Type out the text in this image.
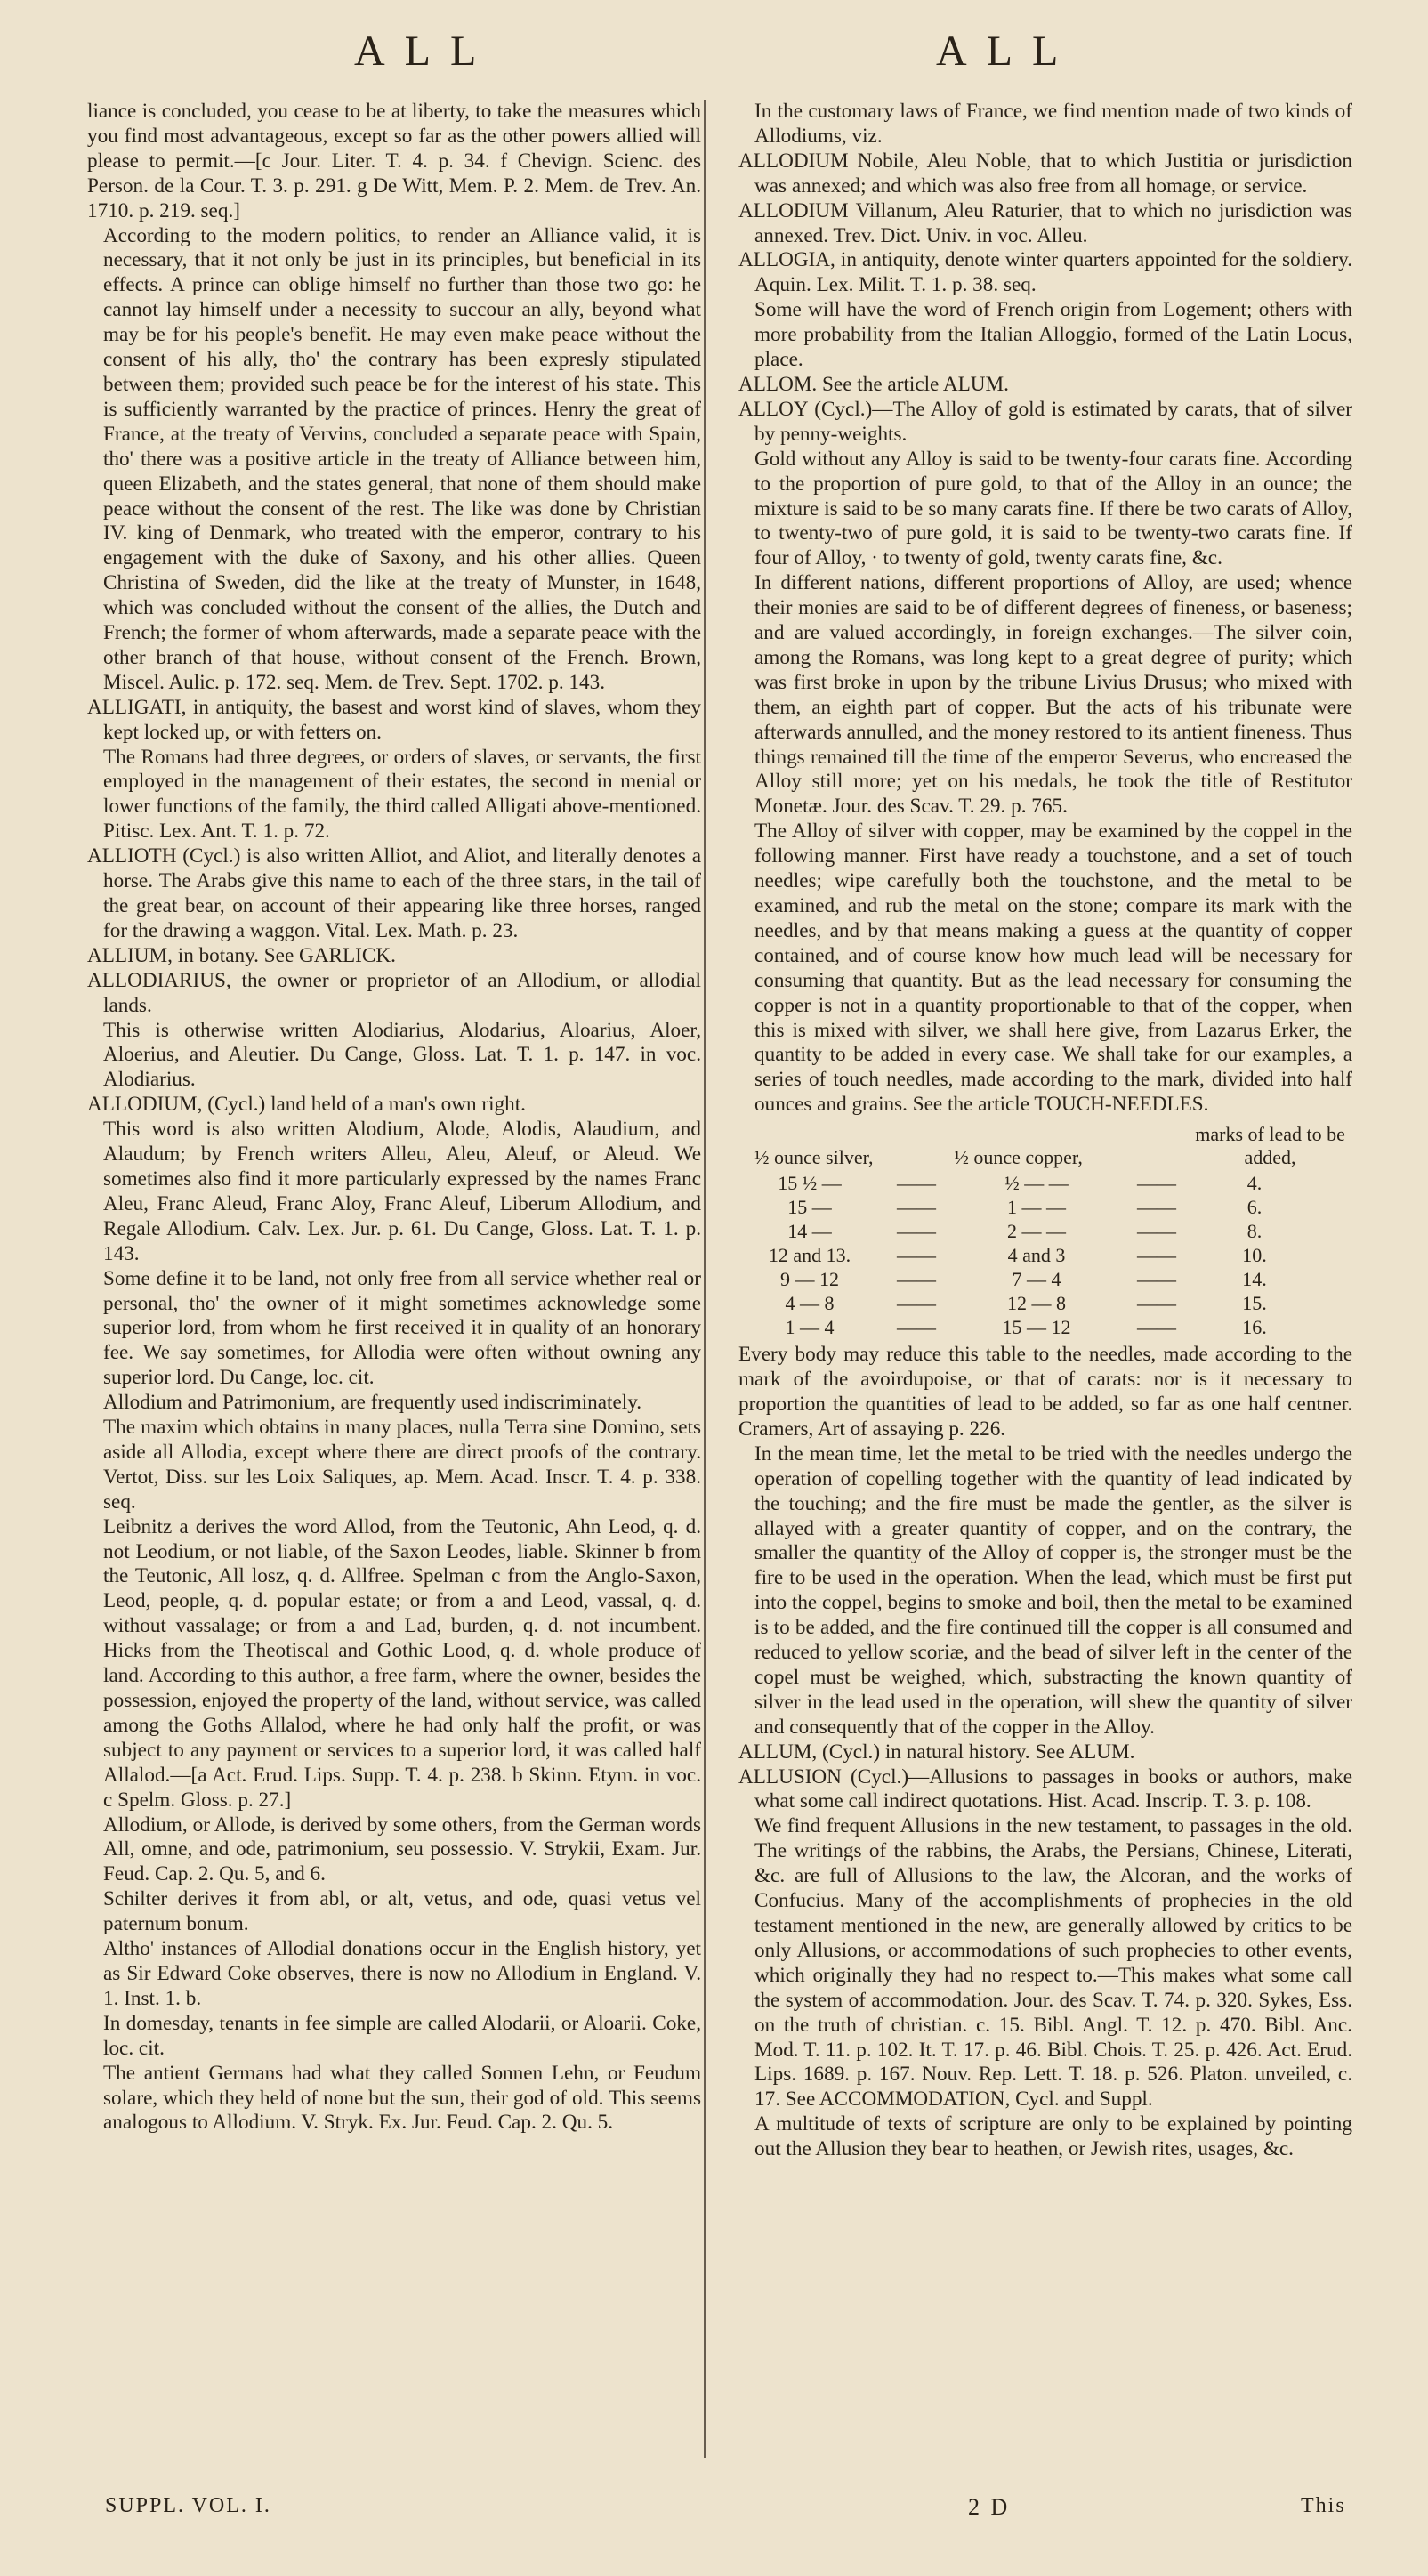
ALL	ALL

liance is concluded, you cease to be at liberty, to take the measures which you find most advantageous, except so far as the other powers allied will please to permit.—[c Jour. Liter. T. 4. p. 34. f Chevign. Scienc. des Person. de la Cour. T. 3. p. 291. g De Witt, Mem. P. 2. Mem. de Trev. An. 1710. p. 219. seq.]

According to the modern politics, to render an Alliance valid, it is necessary, that it not only be just in its principles, but beneficial in its effects. A prince can oblige himself no further than those two go: he cannot lay himself under a necessity to succour an ally, beyond what may be for his people's benefit. He may even make peace without the consent of his ally, tho' the contrary has been expresly stipulated between them; provided such peace be for the interest of his state. This is sufficiently warranted by the practice of princes. Henry the great of France, at the treaty of Vervins, concluded a separate peace with Spain, tho' there was a positive article in the treaty of Alliance between him, queen Elizabeth, and the states general, that none of them should make peace without the consent of the rest. The like was done by Christian IV. king of Denmark, who treated with the emperor, contrary to his engagement with the duke of Saxony, and his other allies. Queen Christina of Sweden, did the like at the treaty of Munster, in 1648, which was concluded without the consent of the allies, the Dutch and French; the former of whom afterwards, made a separate peace with the other branch of that house, without consent of the French. Brown, Miscel. Aulic. p. 172. seq. Mem. de Trev. Sept. 1702. p. 143.

ALLIGATI, in antiquity, the basest and worst kind of slaves, whom they kept locked up, or with fetters on.

The Romans had three degrees, or orders of slaves, or servants, the first employed in the management of their estates, the second in menial or lower functions of the family, the third called Alligati above-mentioned. Pitisc. Lex. Ant. T. 1. p. 72.

ALLIOTH (Cycl.) is also written Alliot, and Aliot, and literally denotes a horse. The Arabs give this name to each of the three stars, in the tail of the great bear, on account of their appearing like three horses, ranged for the drawing a waggon. Vital. Lex. Math. p. 23.

ALLIUM, in botany. See GARLICK.

ALLODIARIUS, the owner or proprietor of an Allodium, or allodial lands.

This is otherwise written Alodiarius, Alodarius, Aloarius, Aloer, Aloerius, and Aleutier. Du Cange, Gloss. Lat. T. 1. p. 147. in voc. Alodiarius.

ALLODIUM, (Cycl.) land held of a man's own right.

This word is also written Alodium, Alode, Alodis, Alaudium, and Alaudum; by French writers Alleu, Aleu, Aleuf, or Aleud. We sometimes also find it more particularly expressed by the names Franc Aleu, Franc Aleud, Franc Aloy, Franc Aleuf, Liberum Allodium, and Regale Allodium. Calv. Lex. Jur. p. 61. Du Cange, Gloss. Lat. T. 1. p. 143.

Some define it to be land, not only free from all service whether real or personal, tho' the owner of it might sometimes acknowledge some superior lord, from whom he first received it in quality of an honorary fee. We say sometimes, for Allodia were often without owning any superior lord. Du Cange, loc. cit.

Allodium and Patrimonium, are frequently used indiscriminately.

The maxim which obtains in many places, nulla Terra sine Domino, sets aside all Allodia, except where there are direct proofs of the contrary. Vertot, Diss. sur les Loix Saliques, ap. Mem. Acad. Inscr. T. 4. p. 338. seq.

Leibnitz a derives the word Allod, from the Teutonic, Ahn Leod, q. d. not Leodium, or not liable, of the Saxon Leodes, liable. Skinner b from the Teutonic, All losz, q. d. Allfree. Spelman c from the Anglo-Saxon, Leod, people, q. d. popular estate; or from a and Leod, vassal, q. d. without vassalage; or from a and Lad, burden, q. d. not incumbent. Hicks from the Theotiscal and Gothic Lood, q. d. whole produce of land. According to this author, a free farm, where the owner, besides the possession, enjoyed the property of the land, without service, was called among the Goths Allalod, where he had only half the profit, or was subject to any payment or services to a superior lord, it was called half Allalod.—[a Act. Erud. Lips. Supp. T. 4. p. 238. b Skinn. Etym. in voc. c Spelm. Gloss. p. 27.]

Allodium, or Allode, is derived by some others, from the German words All, omne, and ode, patrimonium, seu possessio. V. Strykii, Exam. Jur. Feud. Cap. 2. Qu. 5, and 6.

Schilter derives it from abl, or alt, vetus, and ode, quasi vetus vel paternum bonum.

Altho' instances of Allodial donations occur in the English history, yet as Sir Edward Coke observes, there is now no Allodium in England. V. 1. Inst. 1. b.

In domesday, tenants in fee simple are called Alodarii, or Aloarii. Coke, loc. cit.

The antient Germans had what they called Sonnen Lehn, or Feudum solare, which they held of none but the sun, their god of old. This seems analogous to Allodium. V. Stryk. Ex. Jur. Feud. Cap. 2. Qu. 5.

In the customary laws of France, we find mention made of two kinds of Allodiums, viz.

ALLODIUM Nobile, Aleu Noble, that to which Justitia or jurisdiction was annexed; and which was also free from all homage, or service.

ALLODIUM Villanum, Aleu Raturier, that to which no jurisdiction was annexed. Trev. Dict. Univ. in voc. Alleu.

ALLOGIA, in antiquity, denote winter quarters appointed for the soldiery. Aquin. Lex. Milit. T. 1. p. 38. seq.

Some will have the word of French origin from Logement; others with more probability from the Italian Alloggio, formed of the Latin Locus, place.

ALLOM. See the article ALUM.

ALLOY (Cycl.)—The Alloy of gold is estimated by carats, that of silver by penny-weights.

Gold without any Alloy is said to be twenty-four carats fine. According to the proportion of pure gold, to that of the Alloy in an ounce; the mixture is said to be so many carats fine. If there be two carats of Alloy, to twenty-two of pure gold, it is said to be twenty-two carats fine. If four of Alloy, · to twenty of gold, twenty carats fine, &c.

In different nations, different proportions of Alloy, are used; whence their monies are said to be of different degrees of fineness, or baseness; and are valued accordingly, in foreign exchanges.—The silver coin, among the Romans, was long kept to a great degree of purity; which was first broke in upon by the tribune Livius Drusus; who mixed with them, an eighth part of copper. But the acts of his tribunate were afterwards annulled, and the money restored to its antient fineness. Thus things remained till the time of the emperor Severus, who encreased the Alloy still more; yet on his medals, he took the title of Restitutor Monetæ. Jour. des Scav. T. 29. p. 765.

The Alloy of silver with copper, may be examined by the coppel in the following manner. First have ready a touchstone, and a set of touch needles; wipe carefully both the touchstone, and the metal to be examined, and rub the metal on the stone; compare its mark with the needles, and by that means making a guess at the quantity of copper contained, and of course know how much lead will be necessary for consuming that quantity. But as the lead necessary for consuming the copper is not in a quantity proportionable to that of the copper, when this is mixed with silver, we shall here give, from Lazarus Erker, the quantity to be added in every case. We shall take for our examples, a series of touch needles, made according to the mark, divided into half ounces and grains. See the article TOUCH-NEEDLES.

½ ounce silver,	½ ounce copper,
marks of lead to be added,
15 ½ —	——	½ — —	——	4.
15 —	——	1 — —	——	6.
14 —	——	2 — —	——	8.
12 and 13.	——	4 and 3	——	10.
9 — 12	——	7 — 4	——	14.
4 — 8	——	12 — 8	——	15.
1 — 4	——	15 — 12	——	16.

Every body may reduce this table to the needles, made according to the mark of the avoirdupoise, or that of carats: nor is it necessary to proportion the quantities of lead to be added, so far as one half centner. Cramers, Art of assaying p. 226.

In the mean time, let the metal to be tried with the needles undergo the operation of copelling together with the quantity of lead indicated by the touching; and the fire must be made the gentler, as the silver is allayed with a greater quantity of copper, and on the contrary, the smaller the quantity of the Alloy of copper is, the stronger must be the fire to be used in the operation. When the lead, which must be first put into the coppel, begins to smoke and boil, then the metal to be examined is to be added, and the fire continued till the copper is all consumed and reduced to yellow scoriæ, and the bead of silver left in the center of the copel must be weighed, which, substracting the known quantity of silver in the lead used in the operation, will shew the quantity of silver and consequently that of the copper in the Alloy.

ALLUM, (Cycl.) in natural history. See ALUM.

ALLUSION (Cycl.)—Allusions to passages in books or authors, make what some call indirect quotations. Hist. Acad. Inscrip. T. 3. p. 108.

We find frequent Allusions in the new testament, to passages in the old. The writings of the rabbins, the Arabs, the Persians, Chinese, Literati, &c. are full of Allusions to the law, the Alcoran, and the works of Confucius. Many of the accomplishments of prophecies in the old testament mentioned in the new, are generally allowed by critics to be only Allusions, or accommodations of such prophecies to other events, which originally they had no respect to.—This makes what some call the system of accommodation. Jour. des Scav. T. 74. p. 320. Sykes, Ess. on the truth of christian. c. 15. Bibl. Angl. T. 12. p. 470. Bibl. Anc. Mod. T. 11. p. 102. It. T. 17. p. 46. Bibl. Chois. T. 25. p. 426. Act. Erud. Lips. 1689. p. 167. Nouv. Rep. Lett. T. 18. p. 526. Platon. unveiled, c. 17. See ACCOMMODATION, Cycl. and Suppl.

A multitude of texts of scripture are only to be explained by pointing out the Allusion they bear to heathen, or Jewish rites, usages, &c.

SUPPL. VOL. I.	2 D	This
